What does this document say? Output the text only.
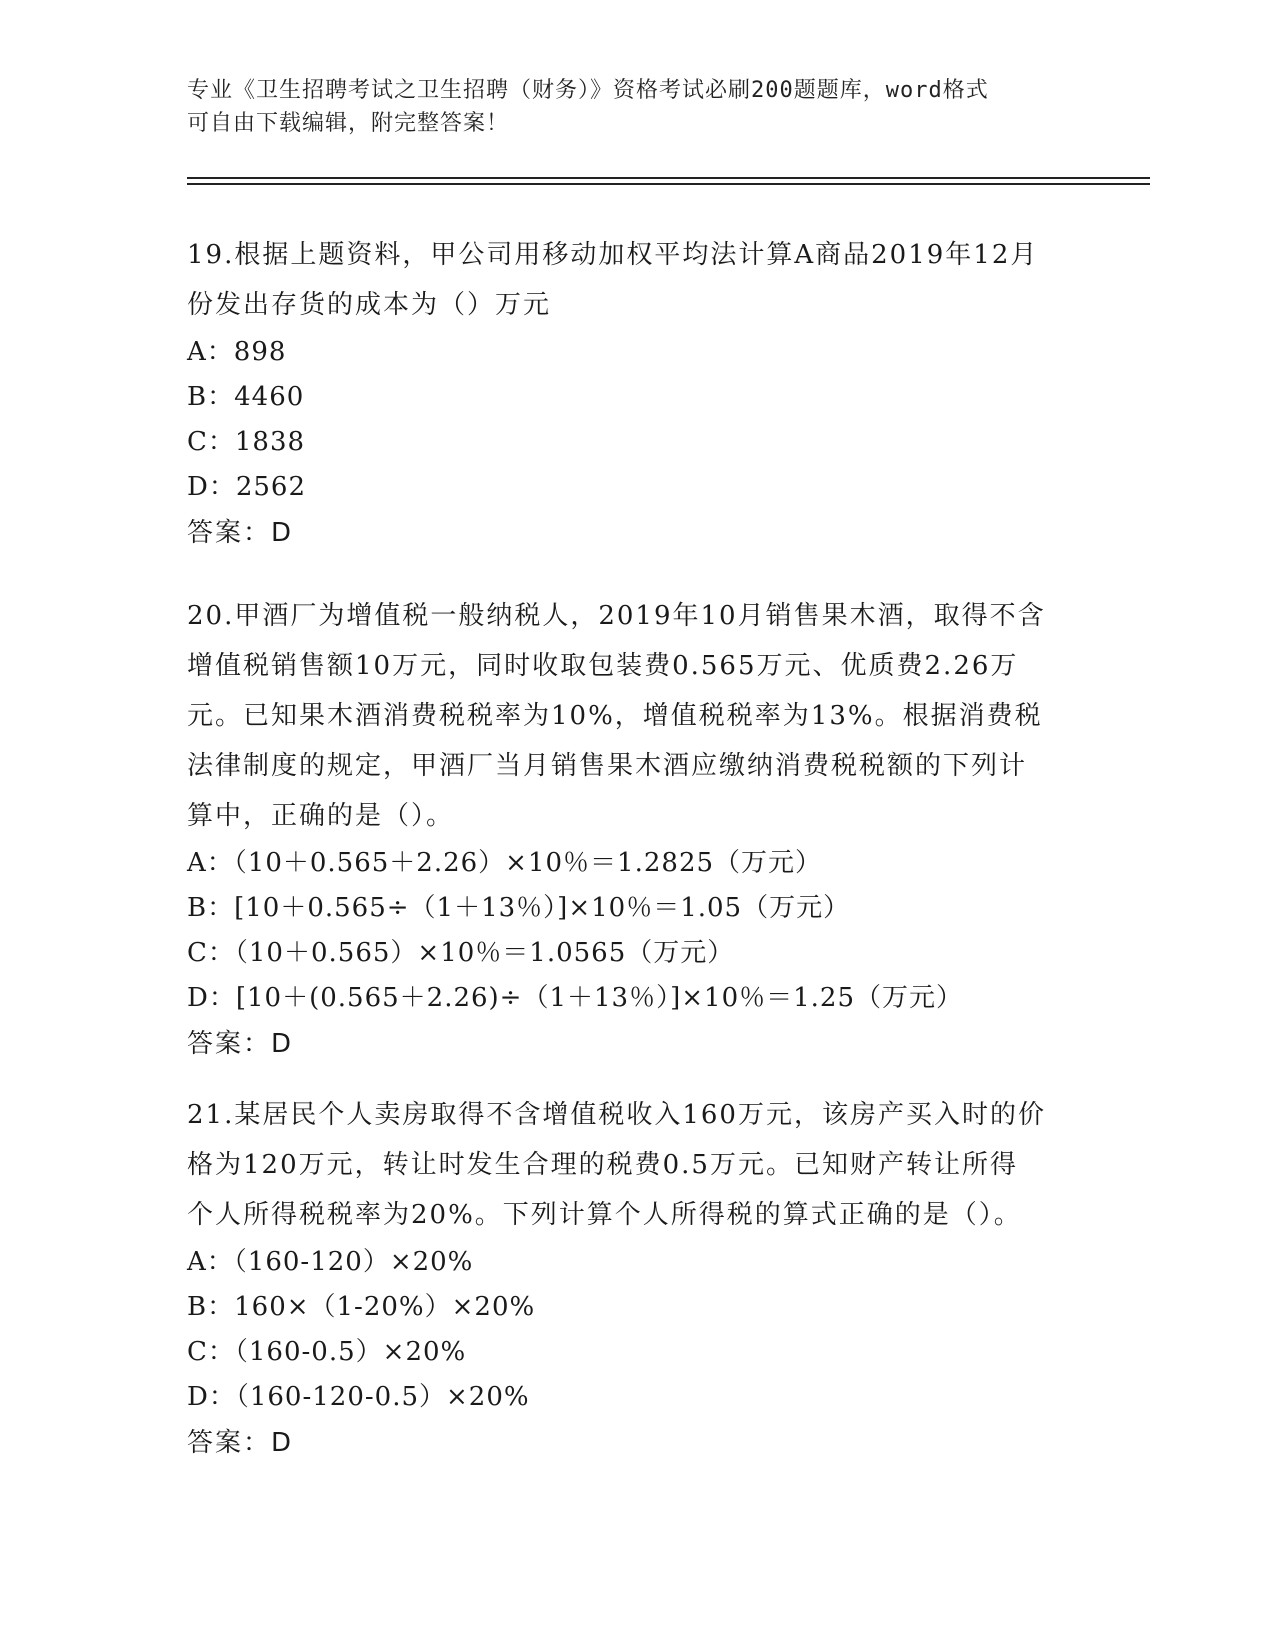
专业《卫生招聘考试之卫生招聘（财务）》资格考试必刷200题题库，word格式
可自由下载编辑，附完整答案！

19.根据上题资料，甲公司用移动加权平均法计算A商品2019年12月
份发出存货的成本为（）万元

A：898

B：4460

C：1838

D：2562

答案：D

20.甲酒厂为增值税一般纳税人，2019年10月销售果木酒，取得不含
增值税销售额10万元，同时收取包装费0.565万元、优质费2.26万
元。已知果木酒消费税税率为10%，增值税税率为13%。根据消费税
法律制度的规定，甲酒厂当月销售果木酒应缴纳消费税税额的下列计
算中，正确的是（）。

A：（10＋0.565＋2.26）×10％＝1.2825（万元）

B：[10＋0.565÷（1＋13％）]×10％＝1.05（万元）

C：（10＋0.565）×10％＝1.0565（万元）

D：[10＋(0.565＋2.26)÷（1＋13％）]×10％＝1.25（万元）

答案：D

21.某居民个人卖房取得不含增值税收入160万元，该房产买入时的价
格为120万元，转让时发生合理的税费0.5万元。已知财产转让所得
个人所得税税率为20%。下列计算个人所得税的算式正确的是（）。

A：（160-120）×20%

B：160×（1-20%）×20%

C：（160-0.5）×20%

D：（160-120-0.5）×20%

答案：D
